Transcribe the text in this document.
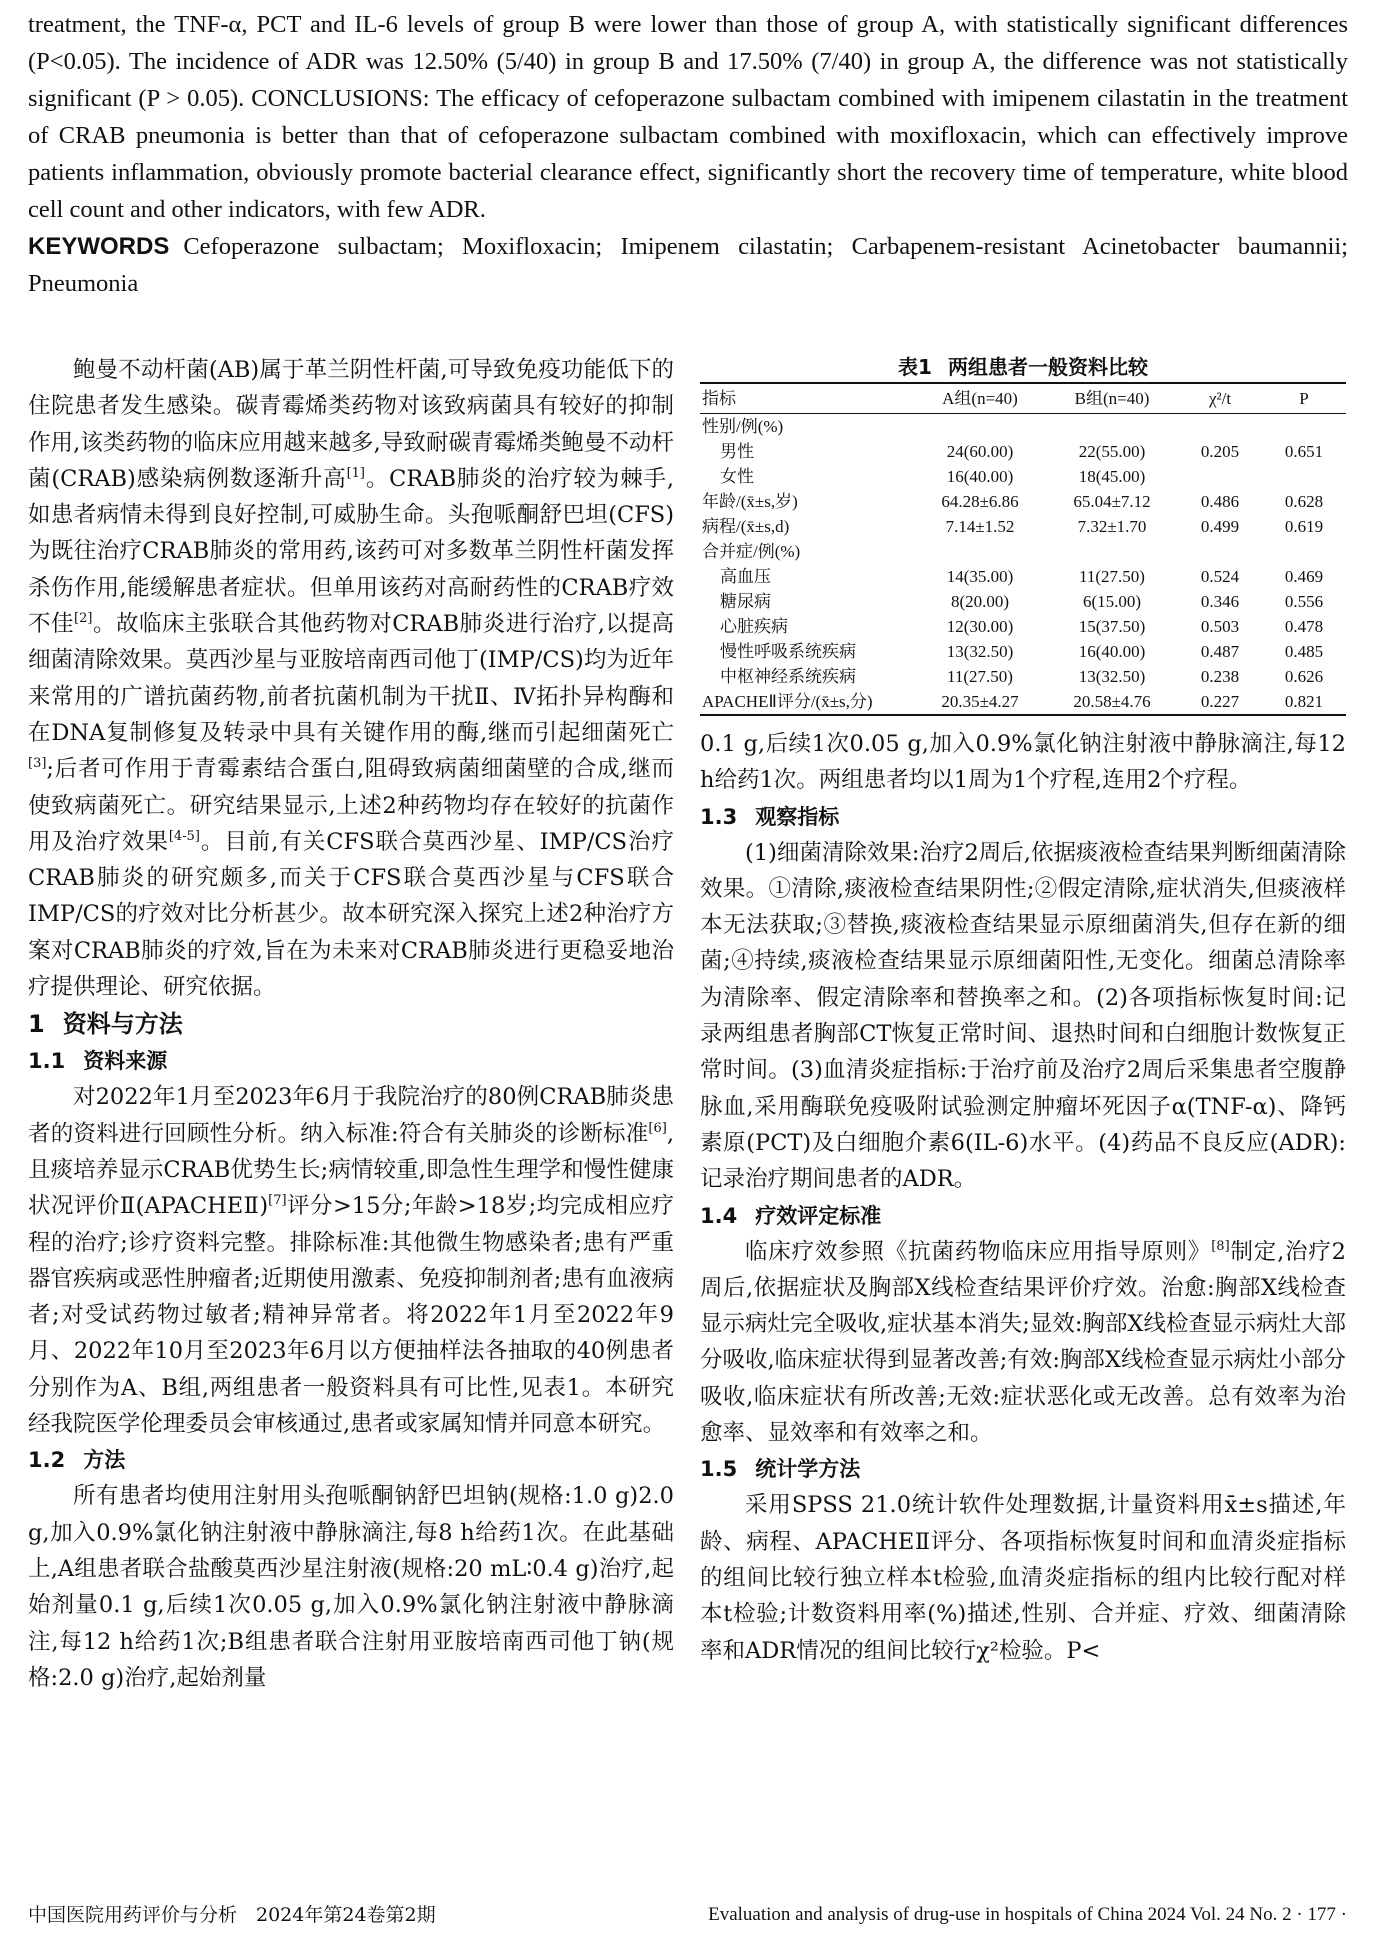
treatment, the TNF-α, PCT and IL-6 levels of group B were lower than those of group A, with statistically significant differences (P<0.05). The incidence of ADR was 12.50% (5/40) in group B and 17.50% (7/40) in group A, the difference was not statistically significant (P > 0.05). CONCLUSIONS: The efficacy of cefoperazone sulbactam combined with imipenem cilastatin in the treatment of CRAB pneumonia is better than that of cefoperazone sulbactam combined with moxifloxacin, which can effectively improve patients inflammation, obviously promote bacterial clearance effect, significantly short the recovery time of temperature, white blood cell count and other indicators, with few ADR.

KEYWORDS Cefoperazone sulbactam; Moxifloxacin; Imipenem cilastatin; Carbapenem-resistant Acinetobacter baumannii; Pneumonia

鲍曼不动杆菌(AB)属于革兰阴性杆菌,可导致免疫功能低下的住院患者发生感染。碳青霉烯类药物对该致病菌具有较好的抑制作用,该类药物的临床应用越来越多,导致耐碳青霉烯类鲍曼不动杆菌(CRAB)感染病例数逐渐升高[1]。CRAB肺炎的治疗较为棘手,如患者病情未得到良好控制,可威胁生命。头孢哌酮舒巴坦(CFS)为既往治疗CRAB肺炎的常用药,该药可对多数革兰阴性杆菌发挥杀伤作用,能缓解患者症状。但单用该药对高耐药性的CRAB疗效不佳[2]。故临床主张联合其他药物对CRAB肺炎进行治疗,以提高细菌清除效果。莫西沙星与亚胺培南西司他丁(IMP/CS)均为近年来常用的广谱抗菌药物,前者抗菌机制为干扰Ⅱ、Ⅳ拓扑异构酶和在DNA复制修复及转录中具有关键作用的酶,继而引起细菌死亡[3];后者可作用于青霉素结合蛋白,阻碍致病菌细菌壁的合成,继而使致病菌死亡。研究结果显示,上述2种药物均存在较好的抗菌作用及治疗效果[4-5]。目前,有关CFS联合莫西沙星、IMP/CS治疗CRAB肺炎的研究颇多,而关于CFS联合莫西沙星与CFS联合IMP/CS的疗效对比分析甚少。故本研究深入探究上述2种治疗方案对CRAB肺炎的疗效,旨在为未来对CRAB肺炎进行更稳妥地治疗提供理论、研究依据。

1 资料与方法

1.1 资料来源

对2022年1月至2023年6月于我院治疗的80例CRAB肺炎患者的资料进行回顾性分析。纳入标准:符合有关肺炎的诊断标准[6],且痰培养显示CRAB优势生长;病情较重,即急性生理学和慢性健康状况评价Ⅱ(APACHEⅡ)[7]评分>15分;年龄>18岁;均完成相应疗程的治疗;诊疗资料完整。排除标准:其他微生物感染者;患有严重器官疾病或恶性肿瘤者;近期使用激素、免疫抑制剂者;患有血液病者;对受试药物过敏者;精神异常者。将2022年1月至2022年9月、2022年10月至2023年6月以方便抽样法各抽取的40例患者分别作为A、B组,两组患者一般资料具有可比性,见表1。本研究经我院医学伦理委员会审核通过,患者或家属知情并同意本研究。

1.2 方法

所有患者均使用注射用头孢哌酮钠舒巴坦钠(规格:1.0 g)2.0 g,加入0.9%氯化钠注射液中静脉滴注,每8 h给药1次。在此基础上,A组患者联合盐酸莫西沙星注射液(规格:20 mL∶0.4 g)治疗,起始剂量0.1 g,后续1次0.05 g,加入0.9%氯化钠注射液中静脉滴注,每12 h给药1次;B组患者联合注射用亚胺培南西司他丁钠(规格:2.0 g)治疗,起始剂量

表1 两组患者一般资料比较

指标	A组(n=40)	B组(n=40)	χ²/t	P
性别/例(%)				
男性	24(60.00)	22(55.00)	0.205	0.651
女性	16(40.00)	18(45.00)		
年龄/(x̄±s,岁)	64.28±6.86	65.04±7.12	0.486	0.628
病程/(x̄±s,d)	7.14±1.52	7.32±1.70	0.499	0.619
合并症/例(%)				
高血压	14(35.00)	11(27.50)	0.524	0.469
糖尿病	8(20.00)	6(15.00)	0.346	0.556
心脏疾病	12(30.00)	15(37.50)	0.503	0.478
慢性呼吸系统疾病	13(32.50)	16(40.00)	0.487	0.485
中枢神经系统疾病	11(27.50)	13(32.50)	0.238	0.626
APACHEⅡ评分/(x̄±s,分)	20.35±4.27	20.58±4.76	0.227	0.821

0.1 g,后续1次0.05 g,加入0.9%氯化钠注射液中静脉滴注,每12 h给药1次。两组患者均以1周为1个疗程,连用2个疗程。

1.3 观察指标

(1)细菌清除效果:治疗2周后,依据痰液检查结果判断细菌清除效果。①清除,痰液检查结果阴性;②假定清除,症状消失,但痰液样本无法获取;③替换,痰液检查结果显示原细菌消失,但存在新的细菌;④持续,痰液检查结果显示原细菌阳性,无变化。细菌总清除率为清除率、假定清除率和替换率之和。(2)各项指标恢复时间:记录两组患者胸部CT恢复正常时间、退热时间和白细胞计数恢复正常时间。(3)血清炎症指标:于治疗前及治疗2周后采集患者空腹静脉血,采用酶联免疫吸附试验测定肿瘤坏死因子α(TNF-α)、降钙素原(PCT)及白细胞介素6(IL-6)水平。(4)药品不良反应(ADR):记录治疗期间患者的ADR。

1.4 疗效评定标准

临床疗效参照《抗菌药物临床应用指导原则》[8]制定,治疗2周后,依据症状及胸部X线检查结果评价疗效。治愈:胸部X线检查显示病灶完全吸收,症状基本消失;显效:胸部X线检查显示病灶大部分吸收,临床症状得到显著改善;有效:胸部X线检查显示病灶小部分吸收,临床症状有所改善;无效:症状恶化或无改善。总有效率为治愈率、显效率和有效率之和。

1.5 统计学方法

采用SPSS 21.0统计软件处理数据,计量资料用x̄±s描述,年龄、病程、APACHEⅡ评分、各项指标恢复时间和血清炎症指标的组间比较行独立样本t检验,血清炎症指标的组内比较行配对样本t检验;计数资料用率(%)描述,性别、合并症、疗效、细菌清除率和ADR情况的组间比较行χ²检验。P<

中国医院用药评价与分析　2024年第24卷第2期	Evaluation and analysis of drug-use in hospitals of China 2024 Vol. 24 No. 2 · 177 ·
